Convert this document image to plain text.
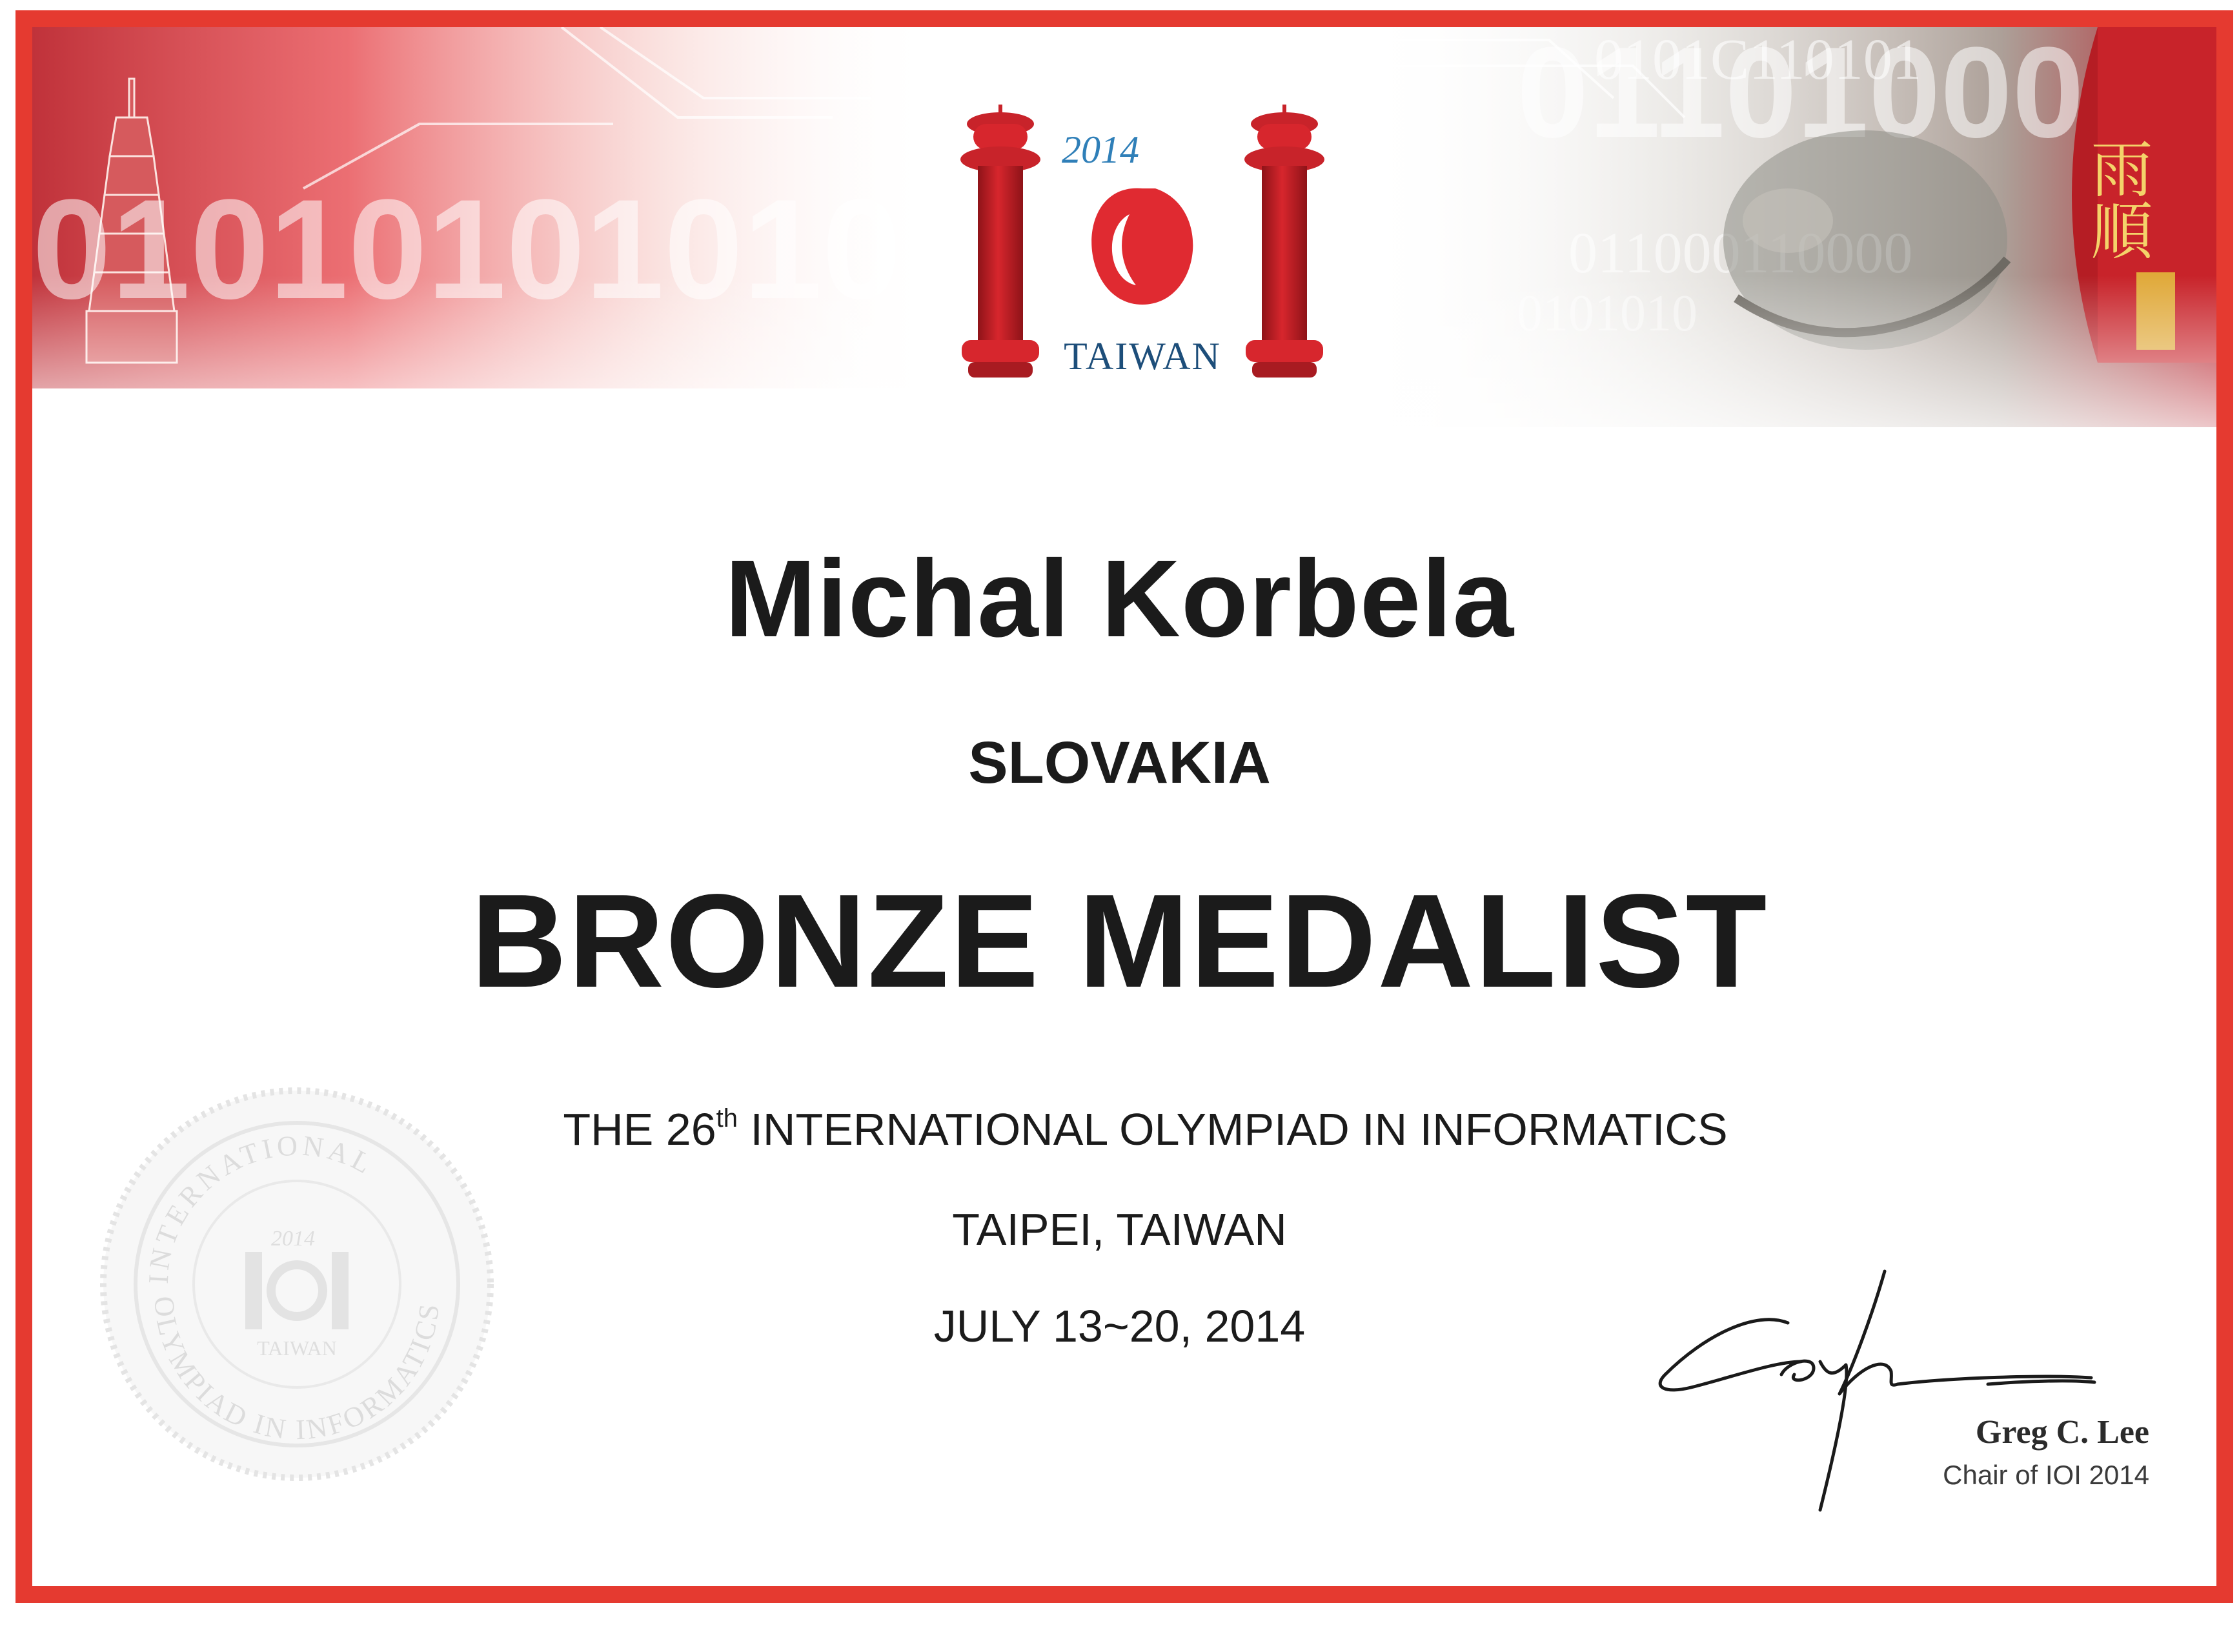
2014
TAIWAN
INTERNATIONAL
OLYMPIAD IN INFORMATICS
2014
TAIWAN
Michal Korbela
SLOVAKIA
BRONZE MEDALIST
THE 26th INTERNATIONAL OLYMPIAD IN INFORMATICS
TAIPEI, TAIWAN
JULY 13~20, 2014
Greg C. Lee
Chair of IOI 2014
